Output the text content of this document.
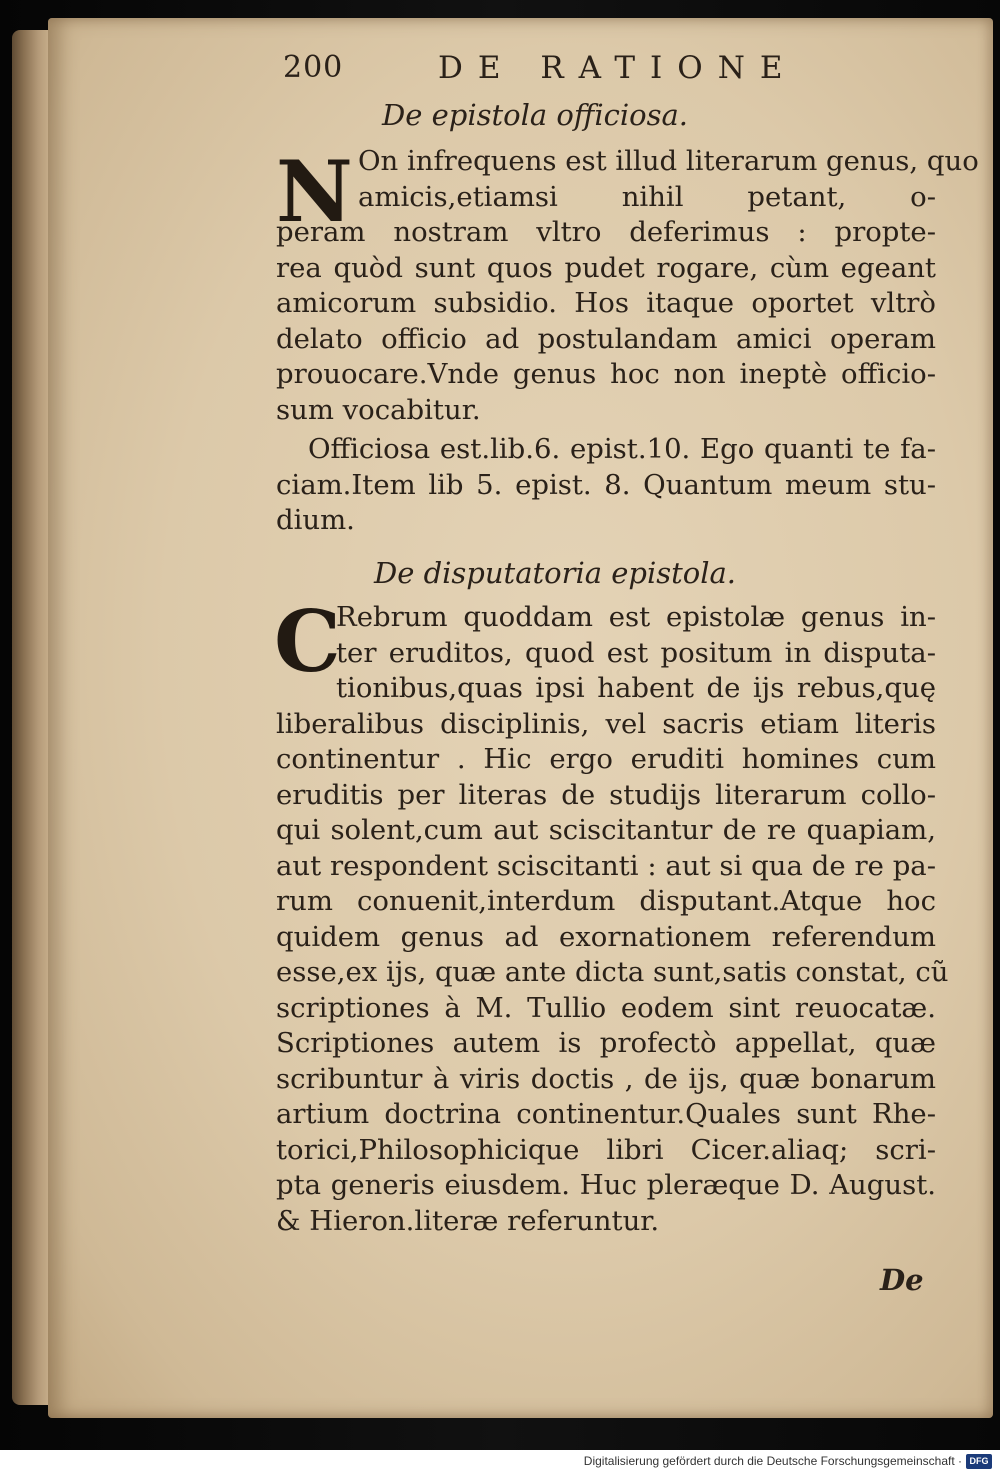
200	DE RATIONE
De epistola officiosa.
N On infrequens est illud literarum genus, quo
amicis,etiamsi nihil petant, o-
peram nostram vltro deferimus : propte-
rea quòd sunt quos pudet rogare, cùm egeant
amicorum subsidio. Hos itaque oportet vltrò
delato officio ad postulandam amici operam
prouocare.Vnde genus hoc non ineptè officio-
sum vocabitur.
Officiosa est.lib.6. epist.10. Ego quanti te fa-
ciam.Item lib 5. epist. 8. Quantum meum stu-
dium.
De disputatoria epistola.
C
Rebrum quoddam est epistolæ genus in-
ter eruditos, quod est positum in disputa-
tionibus,quas ipsi habent de ijs rebus,quę
liberalibus disciplinis, vel sacris etiam literis
continentur . Hic ergo eruditi homines cum
eruditis per literas de studijs literarum collo-
qui solent,cum aut sciscitantur de re quapiam,
aut respondent sciscitanti : aut si qua de re pa-
rum conuenit,interdum disputant.Atque hoc
quidem genus ad exornationem referendum
esse,ex ijs, quæ ante dicta sunt,satis constat, cũ
scriptiones à M. Tullio eodem sint reuocatæ.
Scriptiones autem is profectò appellat, quæ
scribuntur à viris doctis , de ijs, quæ bonarum
artium doctrina continentur.Quales sunt Rhe-
torici,Philosophicique libri Cicer.aliaq; scri-
pta generis eiusdem. Huc pleræque D. August.
& Hieron.literæ referuntur.
De
Digitalisierung gefördert durch die Deutsche Forschungsgemeinschaft · DFG
